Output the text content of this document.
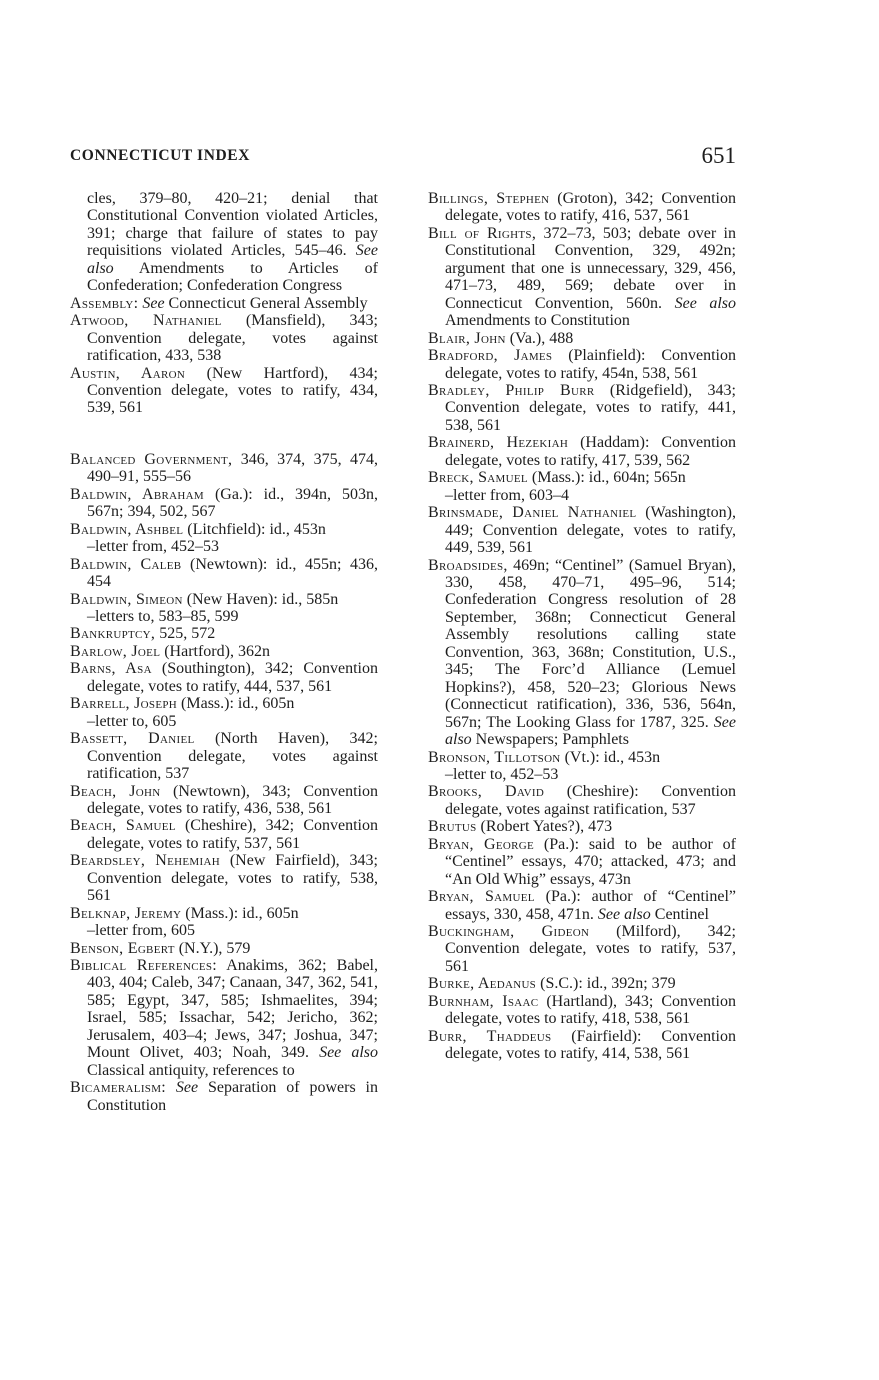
CONNECTICUT INDEX	651

cles, 379–80, 420–21; denial that Constitutional Convention violated Articles, 391; charge that failure of states to pay requisitions violated Articles, 545–46. See also Amendments to Articles of Confederation; Confederation Congress

Assembly: See Connecticut General Assembly

Atwood, Nathaniel (Mansfield), 343; Convention delegate, votes against ratification, 433, 538

Austin, Aaron (New Hartford), 434; Convention delegate, votes to ratify, 434, 539, 561

Balanced Government, 346, 374, 375, 474, 490–91, 555–56

Baldwin, Abraham (Ga.): id., 394n, 503n, 567n; 394, 502, 567

Baldwin, Ashbel (Litchfield): id., 453n

–letter from, 452–53

Baldwin, Caleb (Newtown): id., 455n; 436, 454

Baldwin, Simeon (New Haven): id., 585n

–letters to, 583–85, 599

Bankruptcy, 525, 572

Barlow, Joel (Hartford), 362n

Barns, Asa (Southington), 342; Convention delegate, votes to ratify, 444, 537, 561

Barrell, Joseph (Mass.): id., 605n

–letter to, 605

Bassett, Daniel (North Haven), 342; Convention delegate, votes against ratification, 537

Beach, John (Newtown), 343; Convention delegate, votes to ratify, 436, 538, 561

Beach, Samuel (Cheshire), 342; Convention delegate, votes to ratify, 537, 561

Beardsley, Nehemiah (New Fairfield), 343; Convention delegate, votes to ratify, 538, 561

Belknap, Jeremy (Mass.): id., 605n

–letter from, 605

Benson, Egbert (N.Y.), 579

Biblical References: Anakims, 362; Babel, 403, 404; Caleb, 347; Canaan, 347, 362, 541, 585; Egypt, 347, 585; Ishmaelites, 394; Israel, 585; Issachar, 542; Jericho, 362; Jerusalem, 403–4; Jews, 347; Joshua, 347; Mount Olivet, 403; Noah, 349. See also Classical antiquity, references to

Bicameralism: See Separation of powers in Constitution

Billings, Stephen (Groton), 342; Convention delegate, votes to ratify, 416, 537, 561

Bill of Rights, 372–73, 503; debate over in Constitutional Convention, 329, 492n; argument that one is unnecessary, 329, 456, 471–73, 489, 569; debate over in Connecticut Convention, 560n. See also Amendments to Constitution

Blair, John (Va.), 488

Bradford, James (Plainfield): Convention delegate, votes to ratify, 454n, 538, 561

Bradley, Philip Burr (Ridgefield), 343; Convention delegate, votes to ratify, 441, 538, 561

Brainerd, Hezekiah (Haddam): Convention delegate, votes to ratify, 417, 539, 562

Breck, Samuel (Mass.): id., 604n; 565n

–letter from, 603–4

Brinsmade, Daniel Nathaniel (Washington), 449; Convention delegate, votes to ratify, 449, 539, 561

Broadsides, 469n; “Centinel” (Samuel Bryan), 330, 458, 470–71, 495–96, 514; Confederation Congress resolution of 28 September, 368n; Connecticut General Assembly resolutions calling state Convention, 363, 368n; Constitution, U.S., 345; The Forc’d Alliance (Lemuel Hopkins?), 458, 520–23; Glorious News (Connecticut ratification), 336, 536, 564n, 567n; The Looking Glass for 1787, 325. See also Newspapers; Pamphlets

Bronson, Tillotson (Vt.): id., 453n

–letter to, 452–53

Brooks, David (Cheshire): Convention delegate, votes against ratification, 537

Brutus (Robert Yates?), 473

Bryan, George (Pa.): said to be author of “Centinel” essays, 470; attacked, 473; and “An Old Whig” essays, 473n

Bryan, Samuel (Pa.): author of “Centinel” essays, 330, 458, 471n. See also Centinel

Buckingham, Gideon (Milford), 342; Convention delegate, votes to ratify, 537, 561

Burke, Aedanus (S.C.): id., 392n; 379

Burnham, Isaac (Hartland), 343; Convention delegate, votes to ratify, 418, 538, 561

Burr, Thaddeus (Fairfield): Convention delegate, votes to ratify, 414, 538, 561
